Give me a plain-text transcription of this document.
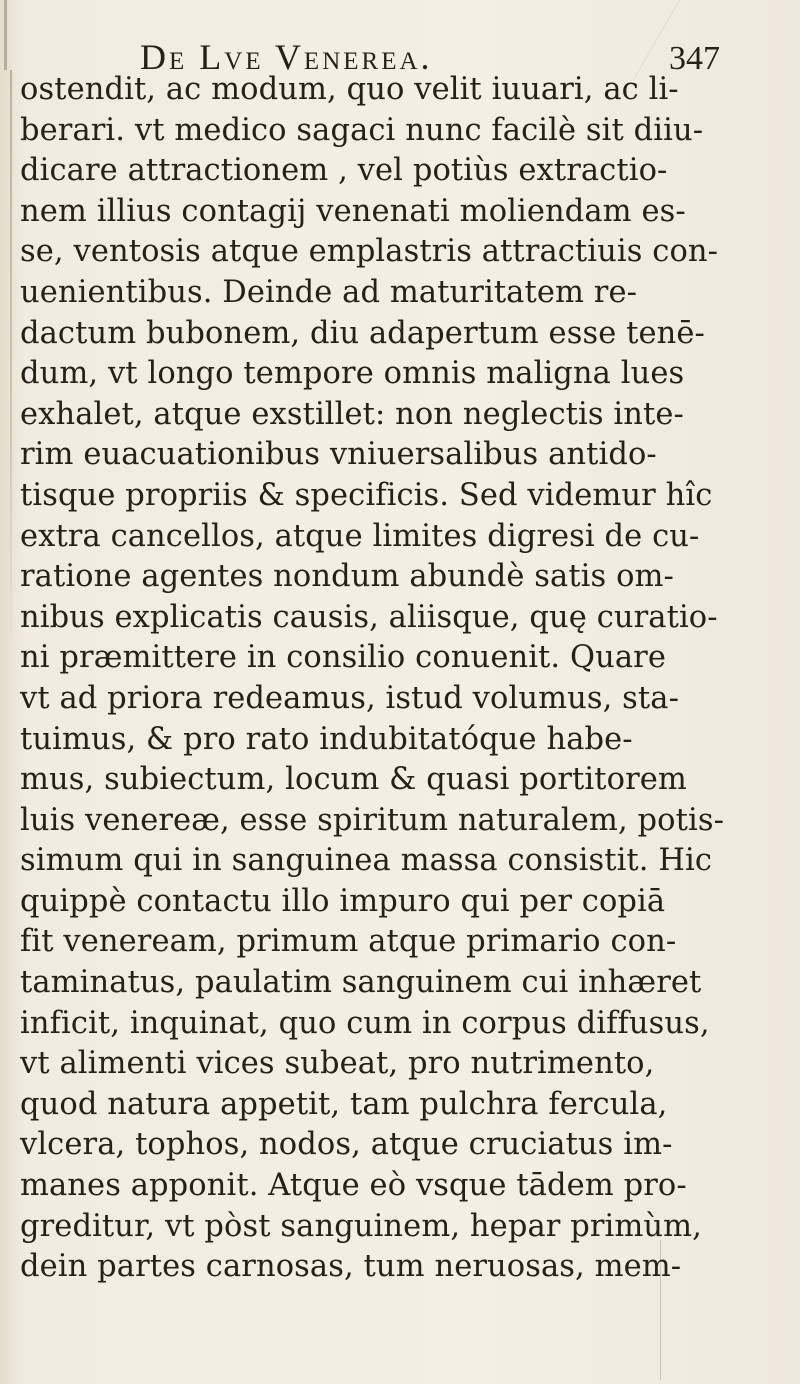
De Lve Venerea.	347
ostendit, ac modum, quo velit iuuari, ac li-
berari. vt medico sagaci nunc facilè sit diiu-
dicare attractionem , vel potiùs extractio-
nem illius contagij venenati moliendam es-
se, ventosis atque emplastris attractiuis con-
uenientibus. Deinde ad maturitatem re-
dactum bubonem, diu adapertum esse tenē-
dum, vt longo tempore omnis maligna lues
exhalet, atque exstillet: non neglectis inte-
rim euacuationibus vniuersalibus antido-
tisque propriis & specificis. Sed videmur hîc
extra cancellos, atque limites digresi de cu-
ratione agentes nondum abundè satis om-
nibus explicatis causis, aliisque, quę curatio-
ni præmittere in consilio conuenit. Quare
vt ad priora redeamus, istud volumus, sta-
tuimus, & pro rato indubitatóque habe-
mus, subiectum, locum & quasi portitorem
luis venereæ, esse spiritum naturalem, potis-
simum qui in sanguinea massa consistit. Hic
quippè contactu illo impuro qui per copiā
fit veneream, primum atque primario con-
taminatus, paulatim sanguinem cui inhæret
inficit, inquinat, quo cum in corpus diffusus,
vt alimenti vices subeat, pro nutrimento,
quod natura appetit, tam pulchra fercula,
vlcera, tophos, nodos, atque cruciatus im-
manes apponit. Atque eò vsque tādem pro-
greditur, vt pòst sanguinem, hepar primùm,
dein partes carnosas, tum neruosas, mem-
